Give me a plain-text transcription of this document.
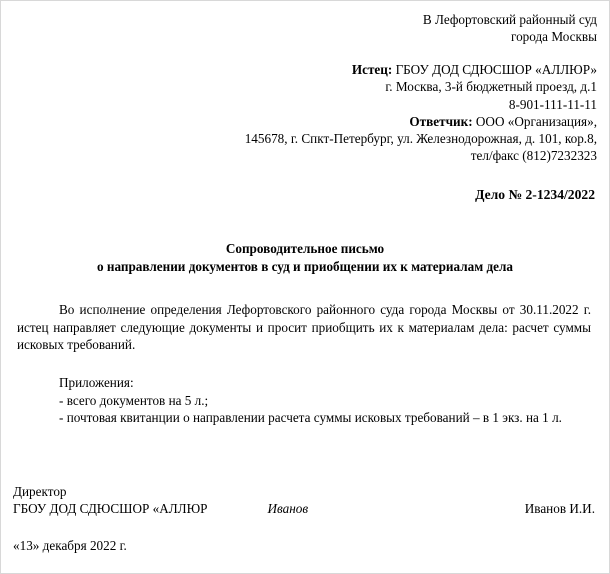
В Лефортовский районный суд
города Москвы
Истец: ГБОУ ДОД СДЮСШОР «АЛЛЮР»
г. Москва, 3-й бюджетный проезд, д.1
8-901-111-11-11
Ответчик: ООО «Организация»,
145678, г. Спкт-Петербург, ул. Железнодорожная, д. 101, кор.8,
тел/факс (812)7232323
Дело № 2-1234/2022
Сопроводительное письмо
о направлении документов в суд и приобщении их к материалам дела

Во исполнение определения Лефортовского районного суда города Москвы от 30.11.2022 г. истец направляет следующие документы и просит приобщить их к материалам дела: расчет суммы исковых требований.

Приложения:
- всего документов на 5 л.;
- почтовая квитанции о направлении расчета суммы исковых требований – в 1 экз. на 1 л.
Директор
ГБОУ ДОД СДЮСШОР «АЛЛЮР	Иванов	Иванов И.И.
«13» декабря 2022 г.
